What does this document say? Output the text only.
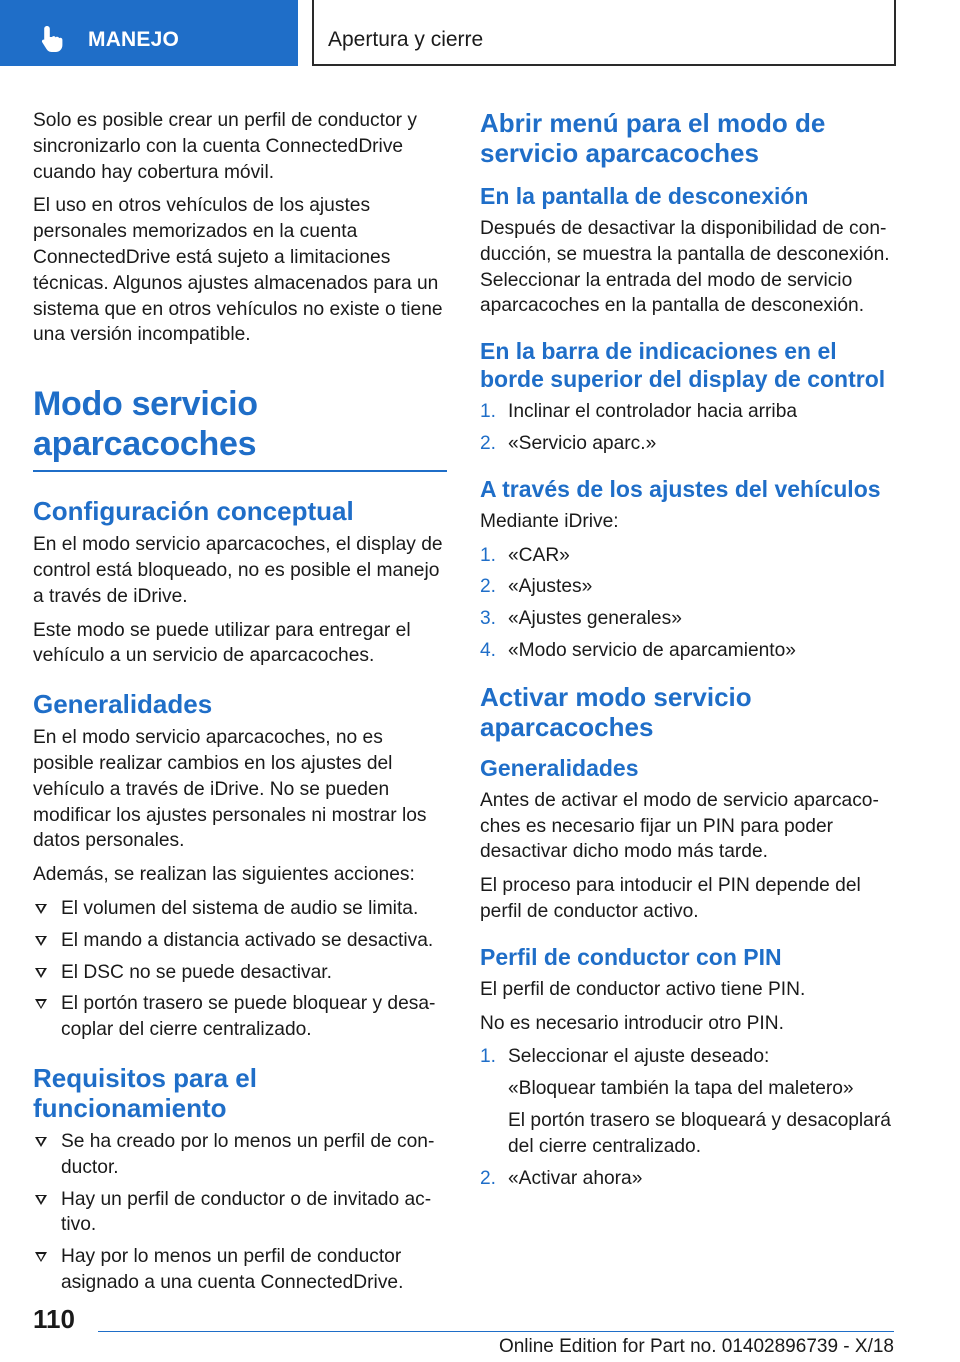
MANEJO	Apertura y cierre

Solo es posible crear un perfil de conductor y sincronizarlo con la cuenta ConnectedDrive cuando hay cobertura móvil.

El uso en otros vehículos de los ajustes personales memorizados en la cuenta ConnectedDrive está sujeto a limitaciones técnicas. Algunos ajustes almacenados para un sistema que en otros vehículos no existe o tiene una versión incompatible.

Modo servicio aparcacoches
Configuración conceptual

En el modo servicio aparcacoches, el display de control está bloqueado, no es posible el manejo a través de iDrive.

Este modo se puede utilizar para entregar el vehículo a un servicio de aparcacoches.

Generalidades

En el modo servicio aparcacoches, no es posible realizar cambios en los ajustes del vehículo a través de iDrive. No se pueden modificar los ajustes personales ni mostrar los datos personales.

Además, se realizan las siguientes acciones:

El volumen del sistema de audio se limita.
El mando a distancia activado se desactiva.
El DSC no se puede desactivar.
El portón trasero se puede bloquear y desacoplar del cierre centralizado.
Requisitos para el funcionamiento
Se ha creado por lo menos un perfil de conductor.
Hay un perfil de conductor o de invitado activo.
Hay por lo menos un perfil de conductor asignado a una cuenta ConnectedDrive.
Abrir menú para el modo de servicio aparcacoches
En la pantalla de desconexión

Después de desactivar la disponibilidad de conducción, se muestra la pantalla de desconexión. Seleccionar la entrada del modo de servicio aparcacoches en la pantalla de desconexión.

En la barra de indicaciones en el borde superior del display de control
1. Inclinar el controlador hacia arriba
2. «Servicio aparc.»
A través de los ajustes del vehículos

Mediante iDrive:

1. «CAR»
2. «Ajustes»
3. «Ajustes generales»
4. «Modo servicio de aparcamiento»
Activar modo servicio aparcacoches
Generalidades

Antes de activar el modo de servicio aparcacoches es necesario fijar un PIN para poder desactivar dicho modo más tarde.

El proceso para intoducir el PIN depende del perfil de conductor activo.

Perfil de conductor con PIN

El perfil de conductor activo tiene PIN.

No es necesario introducir otro PIN.

1. Seleccionar el ajuste deseado:
«Bloquear también la tapa del maletero»
El portón trasero se bloqueará y desacoplará del cierre centralizado.
2. «Activar ahora»
110
Online Edition for Part no. 01402896739 - X/18
